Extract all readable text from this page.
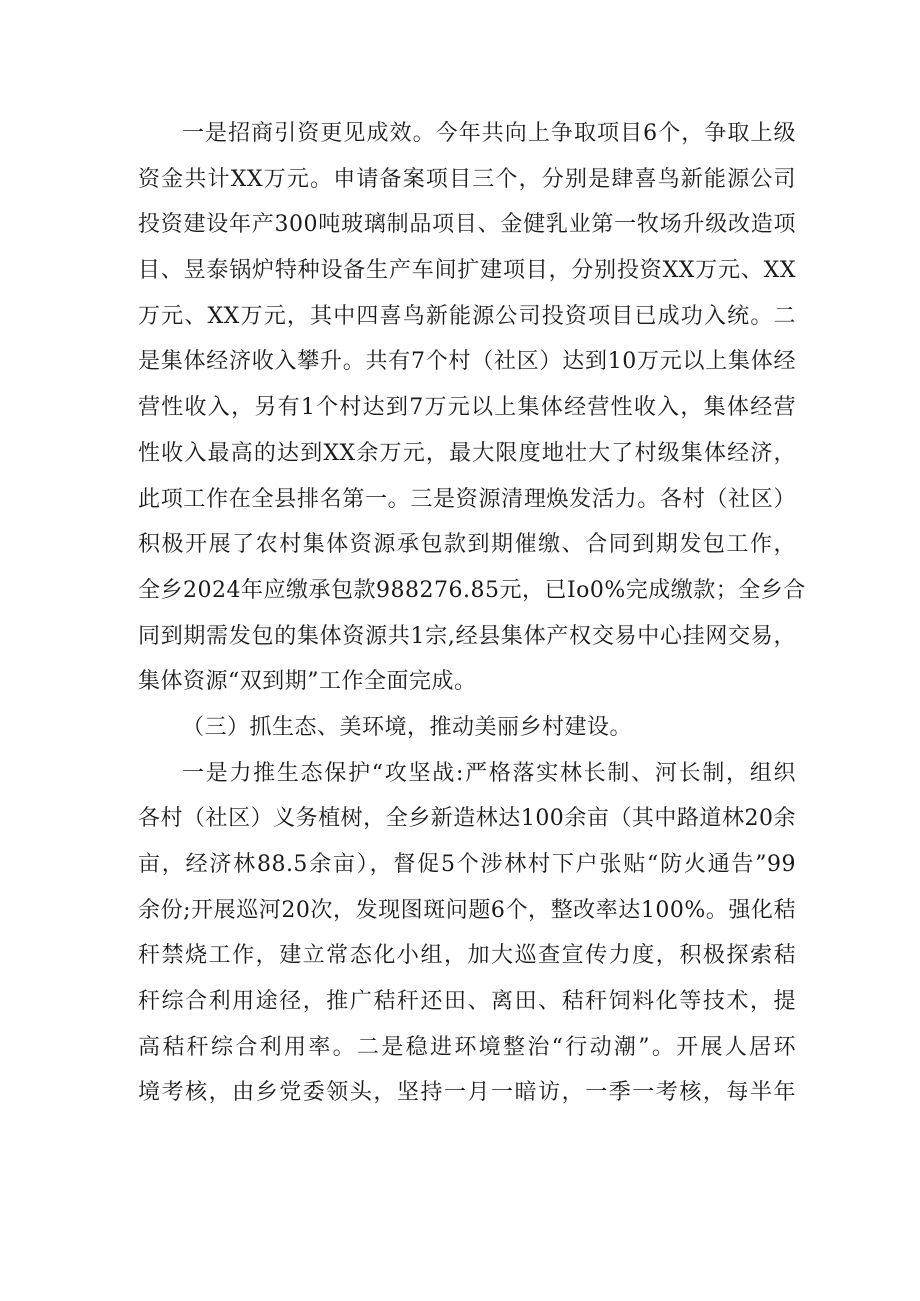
一是招商引资更见成效。今年共向上争取项目6个，争取上级
资金共计XX万元。申请备案项目三个，分别是肆喜鸟新能源公司
投资建设年产300吨玻璃制品项目、金健乳业第一牧场升级改造项
目、昱泰锅炉特种设备生产车间扩建项目，分别投资XX万元、XX
万元、XX万元，其中四喜鸟新能源公司投资项目已成功入统。二
是集体经济收入攀升。共有7个村（社区）达到10万元以上集体经
营性收入，另有1个村达到7万元以上集体经营性收入，集体经营
性收入最高的达到XX余万元，最大限度地壮大了村级集体经济，
此项工作在全县排名第一。三是资源清理焕发活力。各村（社区）
积极开展了农村集体资源承包款到期催缴、合同到期发包工作，
全乡2024年应缴承包款988276.85元，已Io0%完成缴款；全乡合
同到期需发包的集体资源共1宗,经县集体产权交易中心挂网交易，
集体资源“双到期”工作全面完成。
（三）抓生态、美环境，推动美丽乡村建设。
一是力推生态保护“攻坚战:严格落实林长制、河长制，组织
各村（社区）义务植树，全乡新造林达100余亩（其中路道林20余
亩，经济林88.5余亩），督促5个涉林村下户张贴“防火通告”99
余份;开展巡河20次，发现图斑问题6个，整改率达100%。强化秸
秆禁烧工作，建立常态化小组，加大巡查宣传力度，积极探索秸
秆综合利用途径，推广秸秆还田、离田、秸秆饲料化等技术，提
高秸秆综合利用率。二是稳进环境整治“行动潮”。开展人居环
境考核，由乡党委领头，坚持一月一暗访，一季一考核，每半年
